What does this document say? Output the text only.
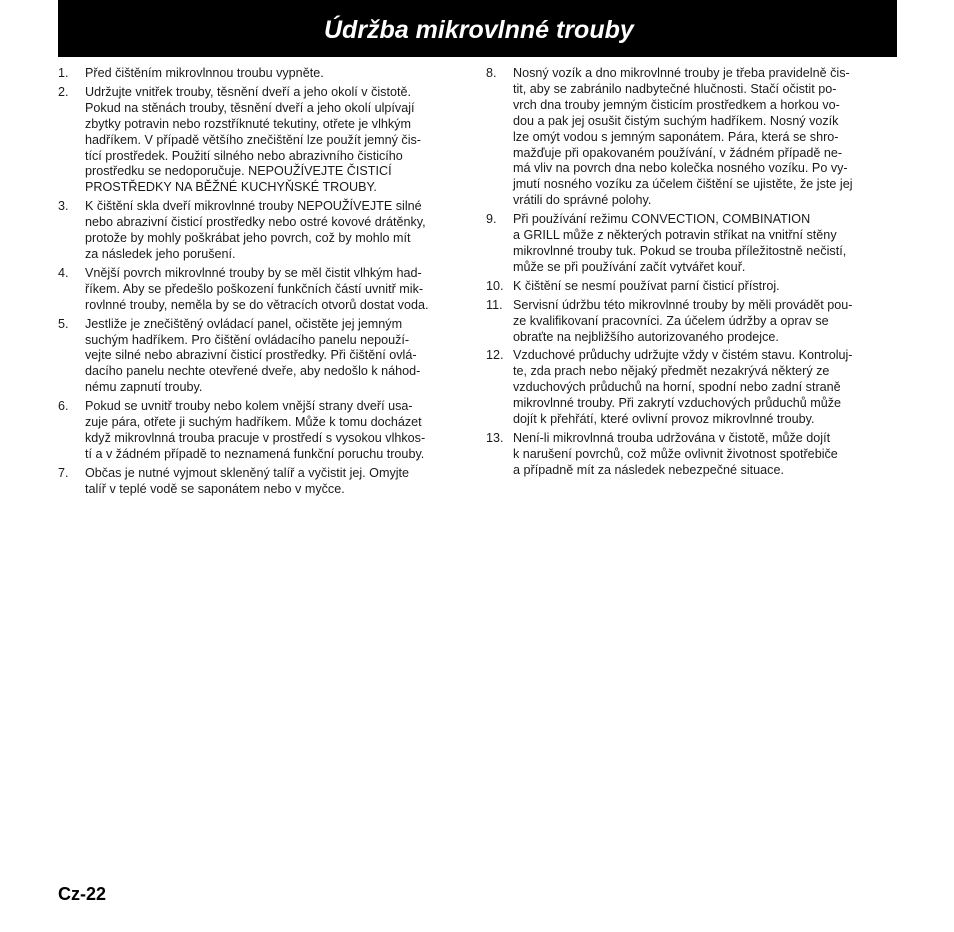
Údržba mikrovlnné trouby
1.	Před čištěním mikrovlnnou troubu vypněte.
2.	Udržujte vnitřek trouby, těsnění dveří a jeho okolí v čistotě.
Pokud na stěnách trouby, těsnění dveří a jeho okolí ulpívají
zbytky potravin nebo rozstříknuté tekutiny, otřete je vlhkým
hadříkem. V případě většího znečištění lze použít jemný čis-
tící prostředek. Použití silného nebo abrazivního čisticího
prostředku se nedoporučuje. NEPOUŽÍVEJTE ČISTICÍ
PROSTŘEDKY NA BĚŽNÉ KUCHYŇSKÉ TROUBY.
3.	K čištění skla dveří mikrovlnné trouby NEPOUŽÍVEJTE silné
nebo abrazivní čisticí prostředky nebo ostré kovové drátěnky,
protože by mohly poškrábat jeho povrch, což by mohlo mít
za následek jeho porušení.
4.	Vnější povrch mikrovlnné trouby by se měl čistit vlhkým had-
říkem. Aby se předešlo poškození funkčních částí uvnitř mik-
rovlnné trouby, neměla by se do větracích otvorů dostat voda.
5.	Jestliže je znečištěný ovládací panel, očistěte jej jemným
suchým hadříkem. Pro čištění ovládacího panelu nepouží-
vejte silné nebo abrazivní čisticí prostředky. Při čištění ovlá-
dacího panelu nechte otevřené dveře, aby nedošlo k náhod-
nému zapnutí trouby.
6.	Pokud se uvnitř trouby nebo kolem vnější strany dveří usa-
zuje pára, otřete ji suchým hadříkem. Může k tomu docházet
když mikrovlnná trouba pracuje v prostředí s vysokou vlhkos-
tí a v žádném případě to neznamená funkční poruchu trouby.
7.	Občas je nutné vyjmout skleněný talíř a vyčistit jej. Omyjte
talíř v teplé vodě se saponátem nebo v myčce.
8.	Nosný vozík a dno mikrovlnné trouby je třeba pravidelně čis-
tit, aby se zabránilo nadbytečné hlučnosti. Stačí očistit po-
vrch dna trouby jemným čisticím prostředkem a horkou vo-
dou a pak jej osušit čistým suchým hadříkem. Nosný vozík
lze omýt vodou s jemným saponátem. Pára, která se shro-
mažďuje při opakovaném používání, v žádném případě ne-
má vliv na povrch dna nebo kolečka nosného vozíku. Po vy-
jmutí nosného vozíku za účelem čištění se ujistěte, že jste jej
vrátili do správné polohy.
9.	Při používání režimu CONVECTION, COMBINATION
a GRILL může z některých potravin stříkat na vnitřní stěny
mikrovlnné trouby tuk. Pokud se trouba příležitostně nečistí,
může se při používání začít vytvářet kouř.
10. K čištění se nesmí používat parní čisticí přístroj.
11. Servisní údržbu této mikrovlnné trouby by měli provádět pou-
ze kvalifikovaní pracovníci. Za účelem údržby a oprav se
obraťte na nejbližšího autorizovaného prodejce.
12. Vzduchové průduchy udržujte vždy v čistém stavu. Kontroluj-
te, zda prach nebo nějaký předmět nezakrývá některý ze
vzduchových průduchů na horní, spodní nebo zadní straně
mikrovlnné trouby. Při zakrytí vzduchových průduchů může
dojít k přehřátí, které ovlivní provoz mikrovlnné trouby.
13. Není-li mikrovlnná trouba udržována v čistotě, může dojít
k narušení povrchů, což může ovlivnit životnost spotřebiče
a případně mít za následek nebezpečné situace.
Cz-22
